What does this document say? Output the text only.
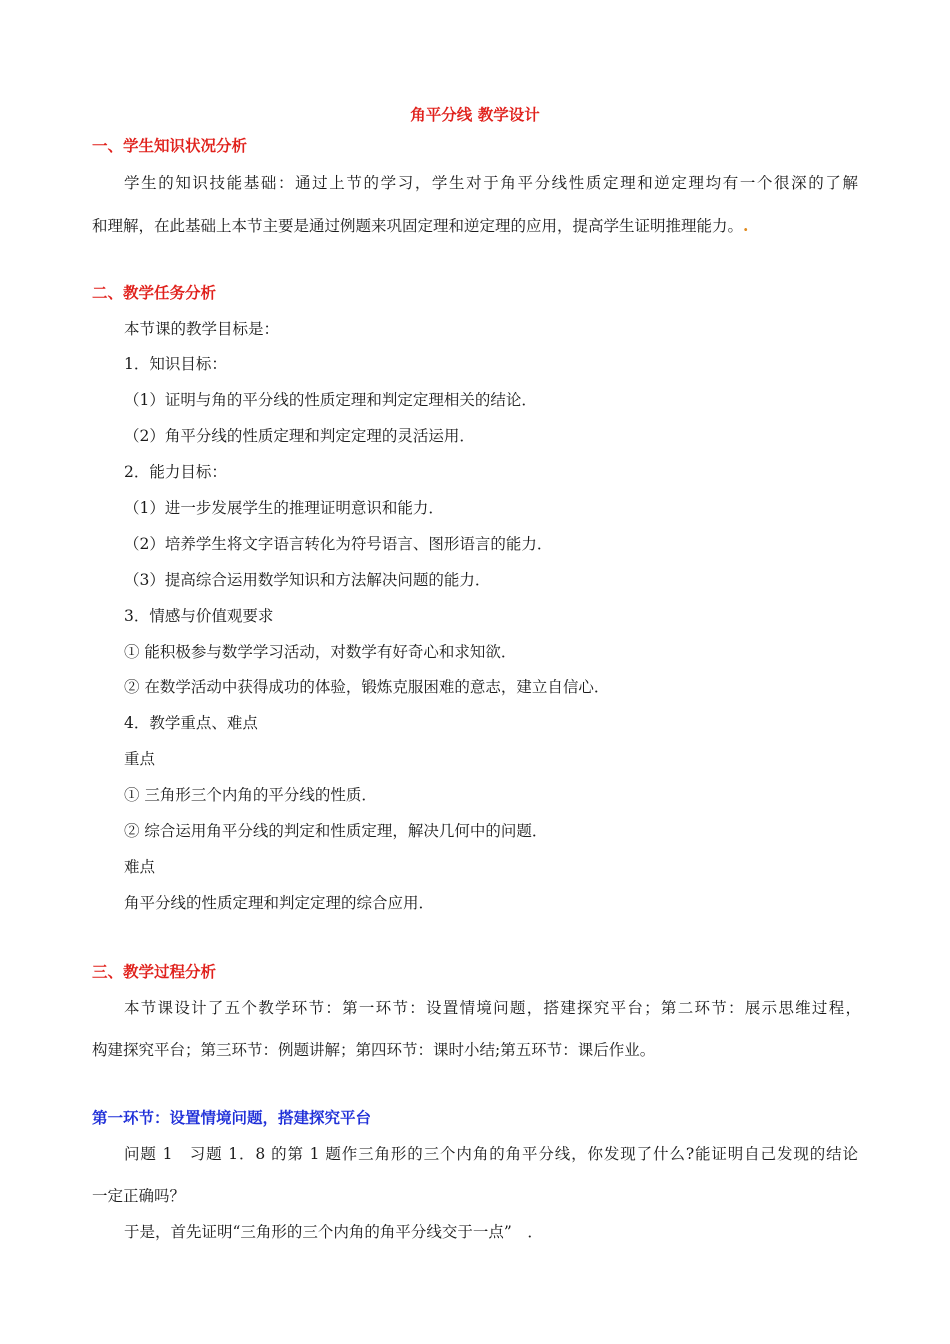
角平分线 教学设计
一、学生知识状况分析
学生的知识技能基础：通过上节的学习，学生对于角平分线性质定理和逆定理均有一个很深的了解
和理解，在此基础上本节主要是通过例题来巩固定理和逆定理的应用，提高学生证明推理能力。.
二、教学任务分析
本节课的教学目标是：
1．知识目标：
（1）证明与角的平分线的性质定理和判定定理相关的结论．
（2）角平分线的性质定理和判定定理的灵活运用．
2．能力目标：
（1）进一步发展学生的推理证明意识和能力．
（2）培养学生将文字语言转化为符号语言、图形语言的能力．
（3）提高综合运用数学知识和方法解决问题的能力．
3．情感与价值观要求
① 能积极参与数学学习活动，对数学有好奇心和求知欲．
② 在数学活动中获得成功的体验，锻炼克服困难的意志，建立自信心．
4．教学重点、难点
重点
① 三角形三个内角的平分线的性质．
② 综合运用角平分线的判定和性质定理，解决几何中的问题．
难点
角平分线的性质定理和判定定理的综合应用．
三、教学过程分析
本节课设计了五个教学环节：第一环节：设置情境问题，搭建探究平台；第二环节：展示思维过程，
构建探究平台；第三环节：例题讲解；第四环节：课时小结;第五环节：课后作业。
第一环节：设置情境问题，搭建探究平台
问题 1　习题 1．8 的第 1 题作三角形的三个内角的角平分线，你发现了什么?能证明自己发现的结论
一定正确吗？
于是，首先证明“三角形的三个内角的角平分线交于一点”　．
